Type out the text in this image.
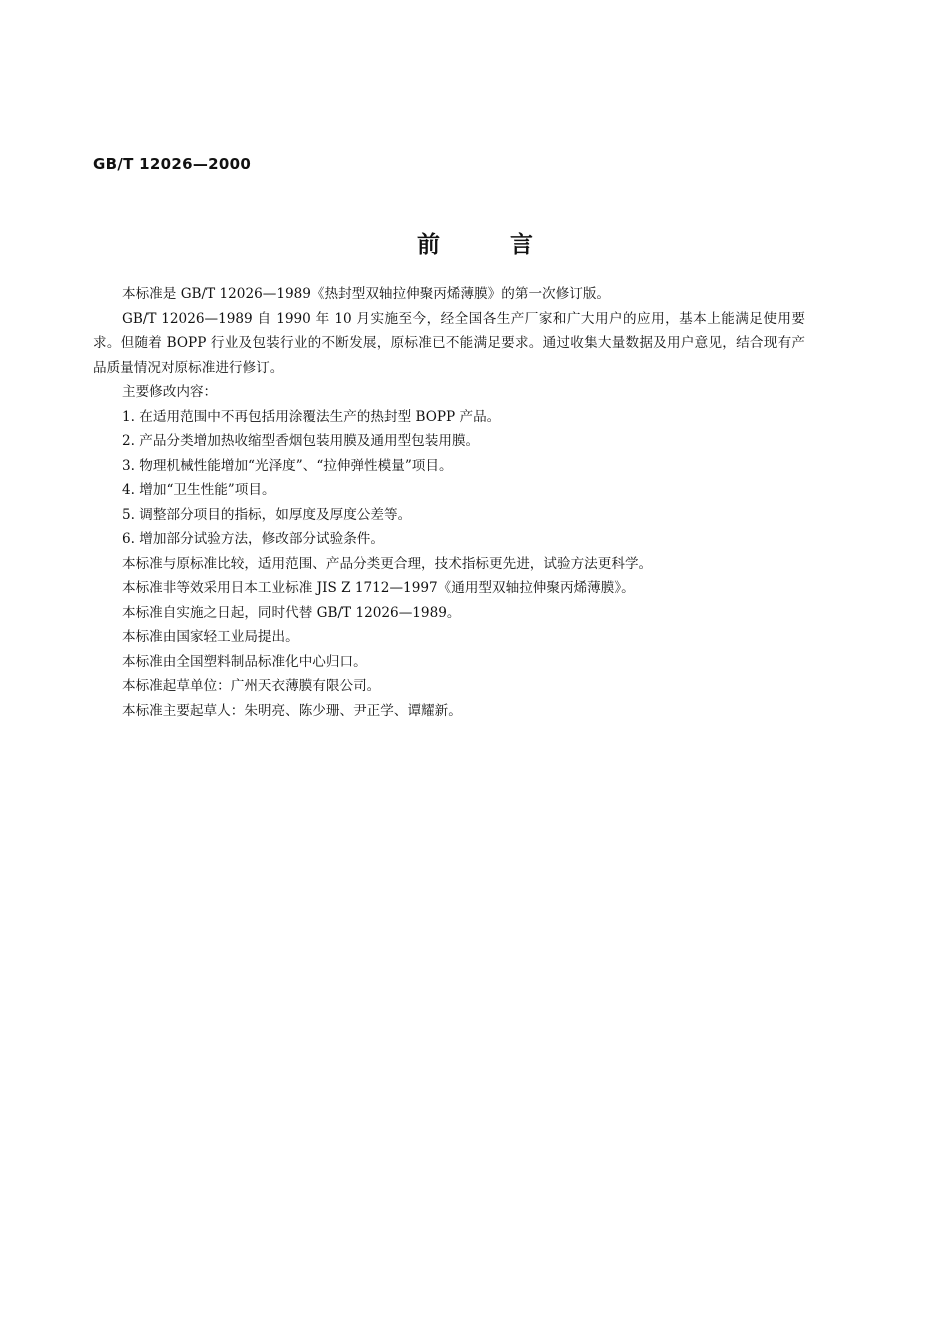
GB/T 12026—2000
前言

本标准是 GB/T 12026—1989《热封型双轴拉伸聚丙烯薄膜》的第一次修订版。

GB/T 12026—1989 自 1990 年 10 月实施至今，经全国各生产厂家和广大用户的应用，基本上能满足使用要求。但随着 BOPP 行业及包装行业的不断发展，原标准已不能满足要求。通过收集大量数据及用户意见，结合现有产品质量情况对原标准进行修订。

主要修改内容：

1. 在适用范围中不再包括用涂覆法生产的热封型 BOPP 产品。
2. 产品分类增加热收缩型香烟包装用膜及通用型包装用膜。
3. 物理机械性能增加“光泽度”、“拉伸弹性模量”项目。
4. 增加“卫生性能”项目。
5. 调整部分项目的指标，如厚度及厚度公差等。
6. 增加部分试验方法，修改部分试验条件。

本标准与原标准比较，适用范围、产品分类更合理，技术指标更先进，试验方法更科学。

本标准非等效采用日本工业标准 JIS Z 1712—1997《通用型双轴拉伸聚丙烯薄膜》。

本标准自实施之日起，同时代替 GB/T 12026—1989。

本标准由国家轻工业局提出。

本标准由全国塑料制品标准化中心归口。

本标准起草单位：广州天衣薄膜有限公司。

本标准主要起草人：朱明亮、陈少珊、尹正学、谭耀新。
